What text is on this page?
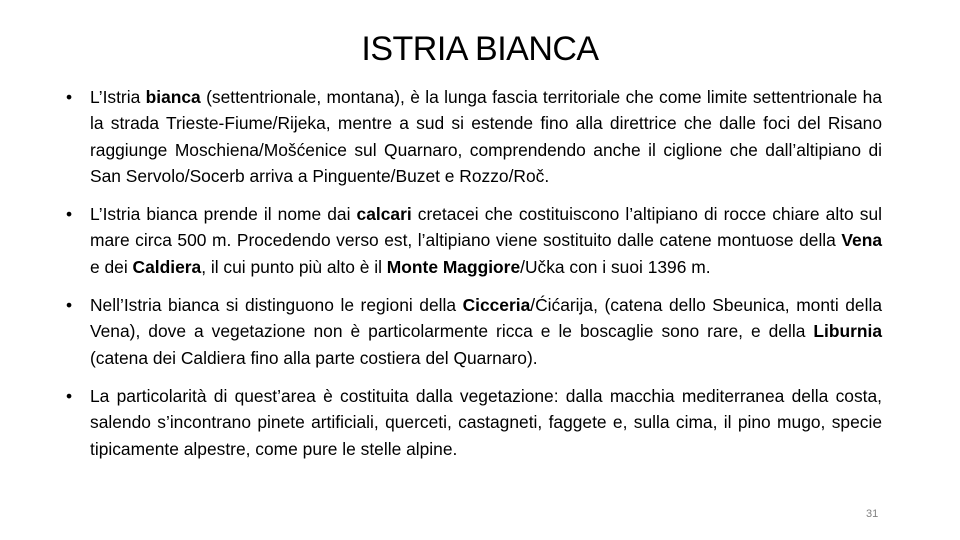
ISTRIA BIANCA
•	L’Istria bianca (settentrionale, montana), è la lunga fascia territoriale che come limite settentrionale ha la strada Trieste-Fiume/Rijeka, mentre a sud si estende fino alla direttrice che dalle foci del Risano raggiunge Moschiena/Mošćenice sul Quarnaro, comprendendo anche il ciglione che dall’altipiano di San Servolo/Socerb arriva a Pinguente/Buzet e Rozzo/Roč.
•	L’Istria bianca prende il nome dai calcari cretacei che costituiscono l’altipiano di rocce chiare alto sul mare circa 500 m. Procedendo verso est, l’altipiano viene sostituito dalle catene montuose della Vena e dei Caldiera, il cui punto più alto è il Monte Maggiore/Učka con i suoi 1396 m.
•	Nell’Istria bianca si distinguono le regioni della Cicceria/Ćićarija, (catena dello Sbeunica, monti della Vena), dove a vegetazione non è particolarmente ricca e le boscaglie sono rare, e della Liburnia (catena dei Caldiera fino alla parte costiera del Quarnaro).
•	La particolarità di quest’area è costituita dalla vegetazione: dalla macchia mediterranea della costa, salendo s’incontrano pinete artificiali, querceti, castagneti, faggete e, sulla cima, il pino mugo, specie tipicamente alpestre, come pure le stelle alpine.
31
